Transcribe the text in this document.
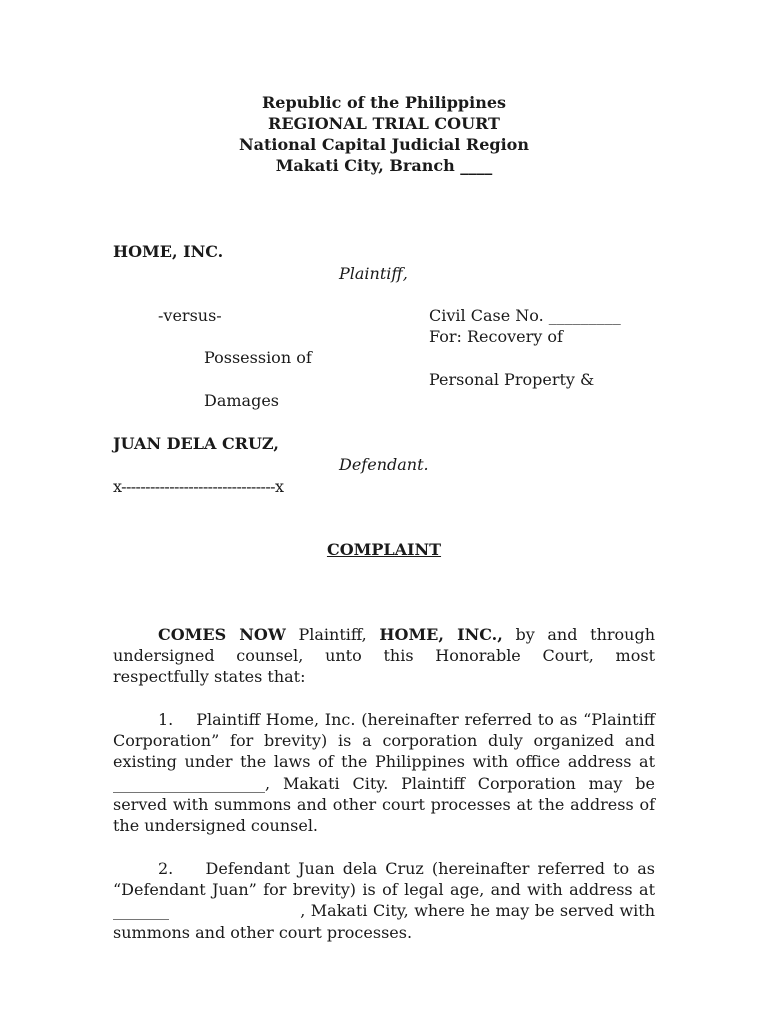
Republic of the Philippines
REGIONAL TRIAL COURT
National Capital Judicial Region
Makati City, Branch ____
HOME, INC.
Plaintiff,
-versus-	Civil Case No. _________
For: Recovery of
Possession of
Personal Property &
Damages
JUAN DELA CRUZ,
Defendant.
x--------------------------------x
COMPLAINT

COMES NOW Plaintiff, HOME, INC., by and through undersigned counsel, unto this Honorable Court, most respectfully states that:

1. Plaintiff Home, Inc. (hereinafter referred to as “Plaintiff Corporation” for brevity) is a corporation duly organized and existing under the laws of the Philippines with office address at ___________________, Makati City. Plaintiff Corporation may be served with summons and other court processes at the address of the undersigned counsel.

2. Defendant Juan dela Cruz (hereinafter referred to as “Defendant Juan” for brevity) is of legal age, and with address at _______	, Makati City, where he may be served with summons and other court processes.
